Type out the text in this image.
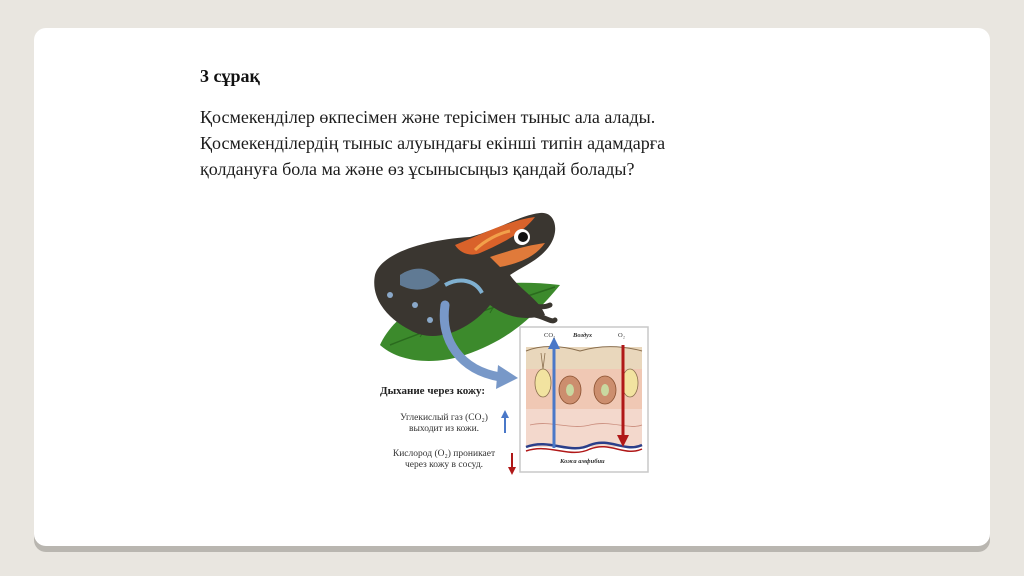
3 сұрақ
Қосмекенділер өкпесімен және терісімен тыныс ала алады.
Қосмекенділердің тыныс алуындағы екінші типін адамдарға
қолдануға бола ма және өз ұсынысыңыз қандай болады?
Дыхание через кожу:
Углекислый газ (CO₂)
выходит из кожи.
Кислород (O₂) проникает
через кожу в сосуд.
CO₂	Воздух	O₂
Кожа амфибии
